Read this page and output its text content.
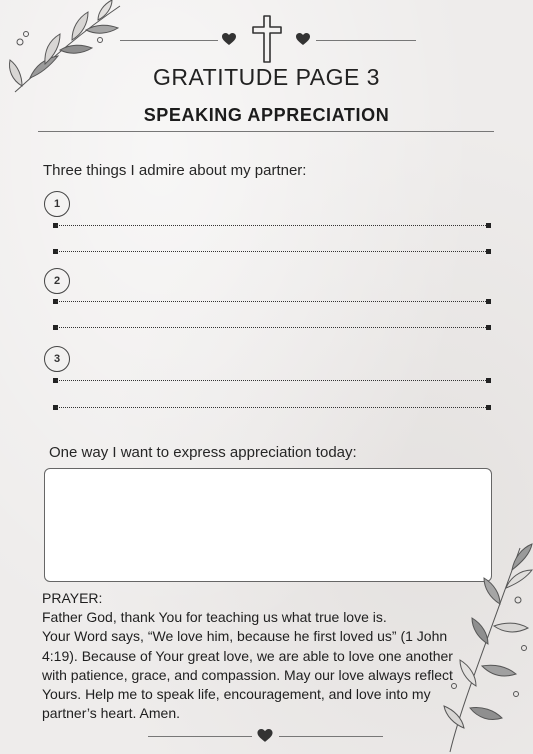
GRATITUDE PAGE 3
SPEAKING APPRECIATION
Three things I admire about my partner:
1
2
3
One way I want to express appreciation today:

PRAYER:

Father God, thank You for teaching us what true love is.

Your Word says, “We love him, because he first loved us” (1 John 4:19). Because of Your great love, we are able to love one another with patience, grace, and compassion. May our love always reflect Yours. Help me to speak life, encouragement, and love into my partner’s heart. Amen.
